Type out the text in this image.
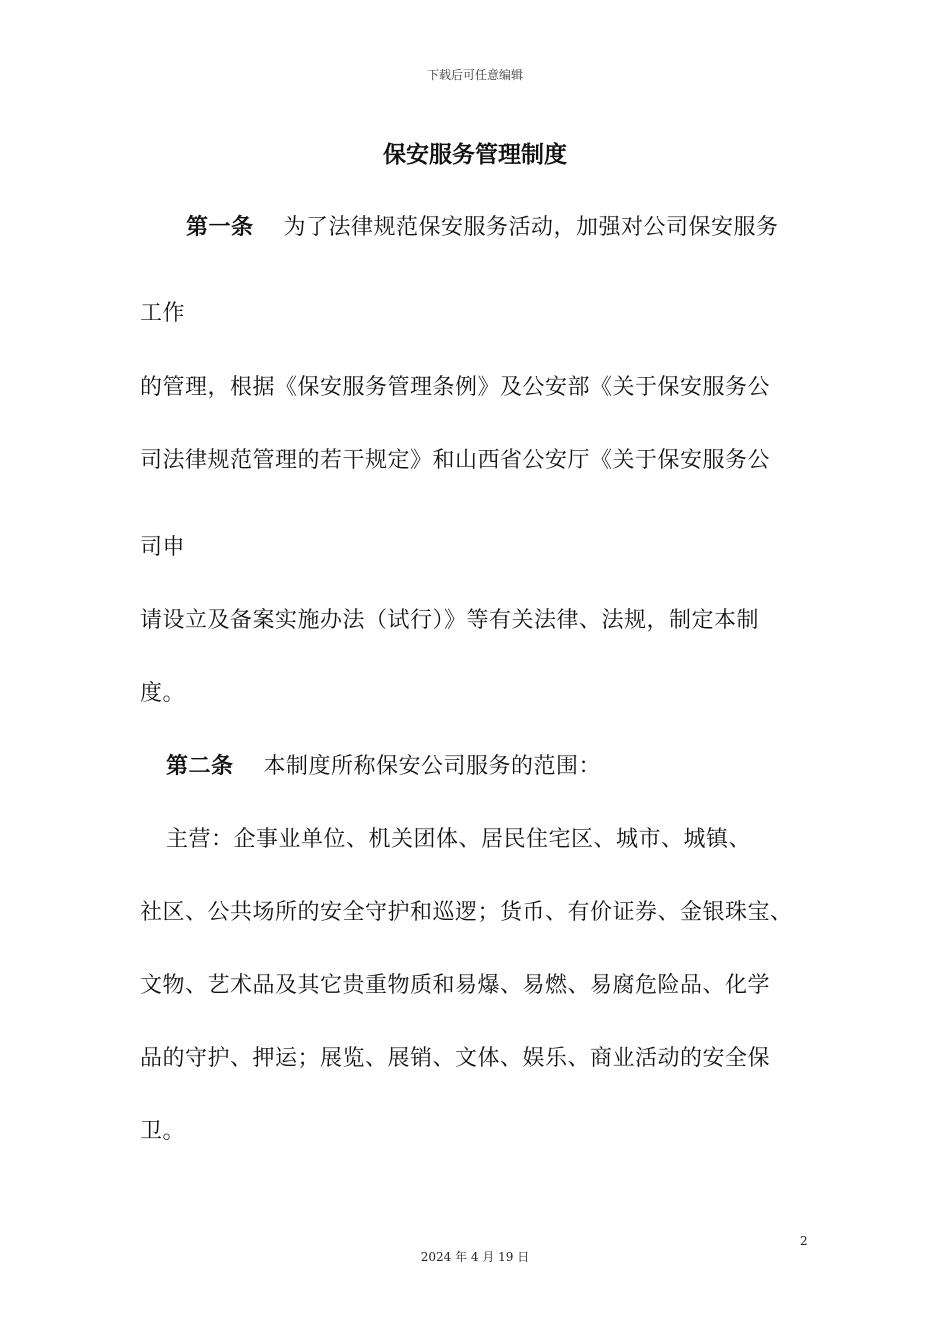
下载后可任意编辑
保安服务管理制度
第一条 为了法律规范保安服务活动，加强对公司保安服务
工作
的管理，根据《保安服务管理条例》及公安部《关于保安服务公
司法律规范管理的若干规定》和山西省公安厅《关于保安服务公
司申
请设立及备案实施办法（试行）》等有关法律、法规，制定本制
度。
第二条 本制度所称保安公司服务的范围：
主营：企事业单位、机关团体、居民住宅区、城市、城镇、
社区、公共场所的安全守护和巡逻；货币、有价证券、金银珠宝、
文物、艺术品及其它贵重物质和易爆、易燃、易腐危险品、化学
品的守护、押运；展览、展销、文体、娱乐、商业活动的安全保
卫。
2
2024 年 4 月 19 日
